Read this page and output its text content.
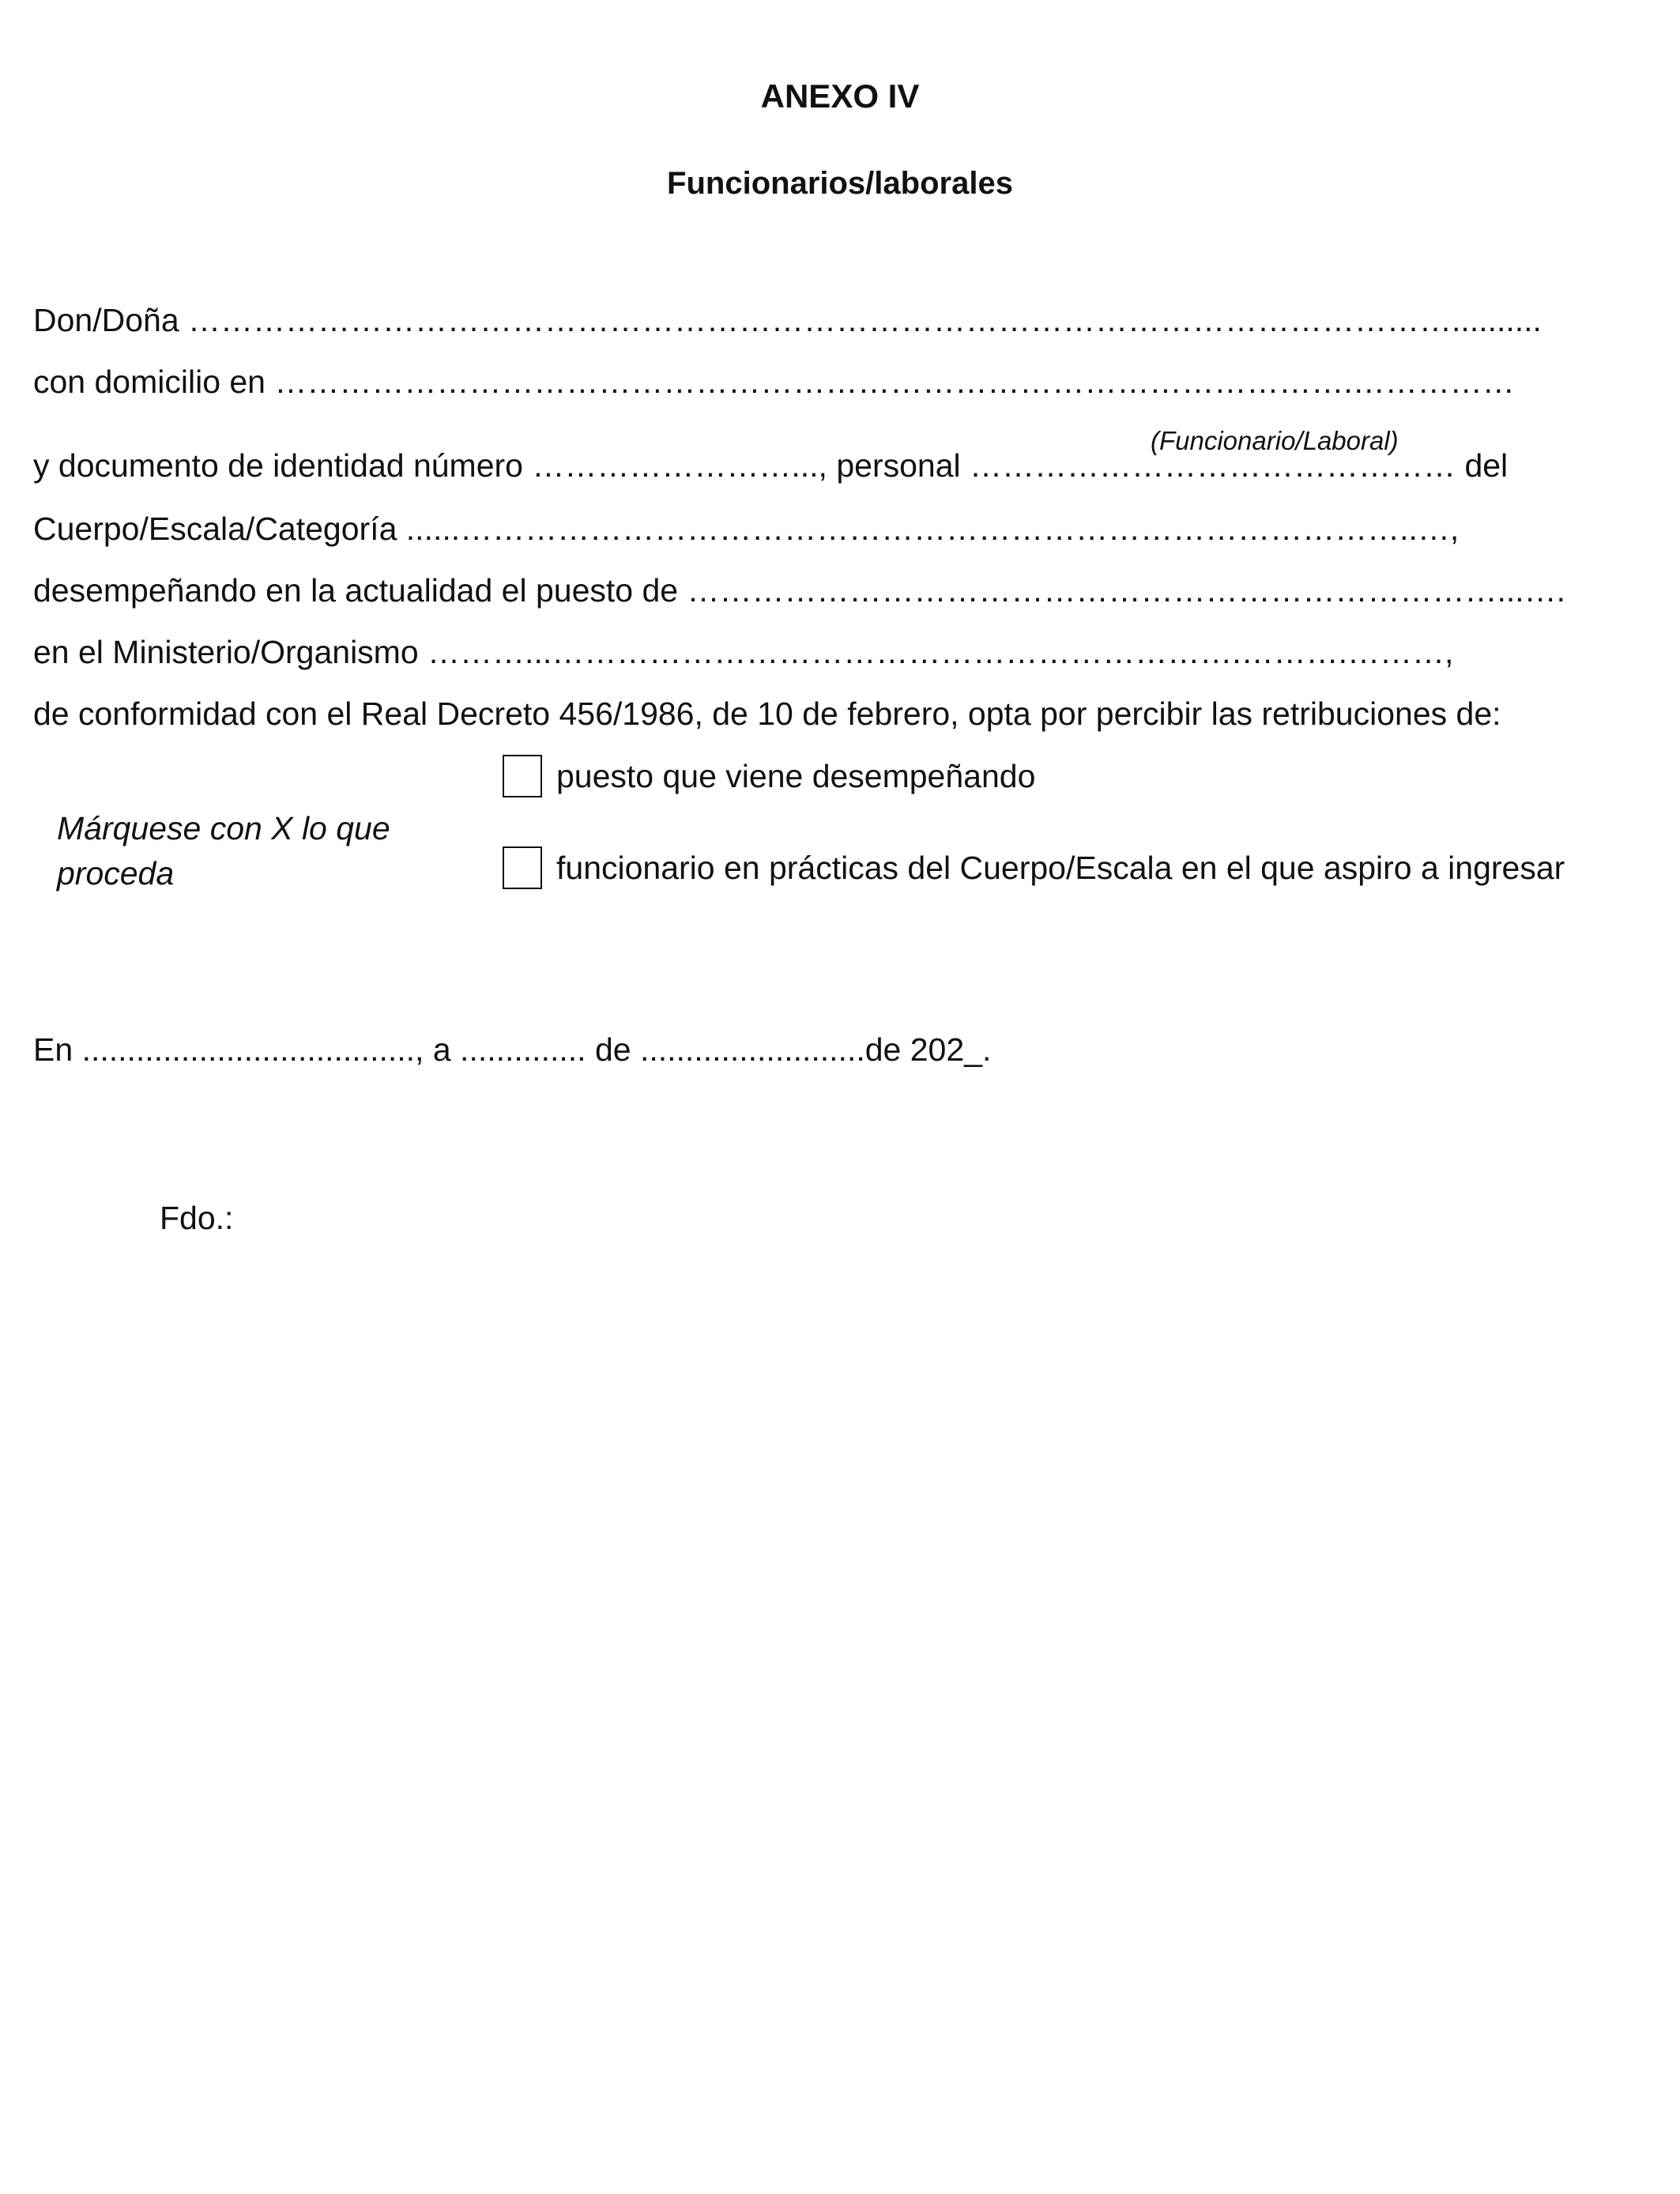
ANEXO IV
Funcionarios/laborales
Don/Doña ………………………………………………………………………………………………………..........
con domicilio en ……………………………………………………………………………………….……………
(Funcionario/Laboral)
y documento de identidad número ……………………..., personal ……………………………………… del
Cuerpo/Escala/Categoría ......……………………………………………………………………………..…,
desempeñando en la actualidad el puesto de …………………………………………………………………...….
en el Ministerio/Organismo ………...……………………………………………………….……….………,
de conformidad con el Real Decreto 456/1986, de 10 de febrero, opta por percibir las retribuciones de:
Márquese con X lo que proceda
puesto que viene desempeñando
funcionario en prácticas del Cuerpo/Escala en el que aspiro a ingresar
En ....................................., a .............. de .........................de 202_.
Fdo.:
